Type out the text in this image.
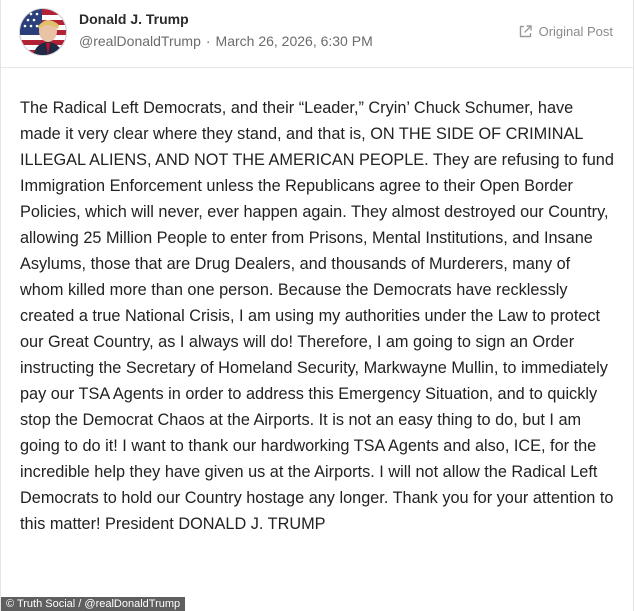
Donald J. Trump
@realDonaldTrump · March 26, 2026, 6:30 PM
Original Post
The Radical Left Democrats, and their “Leader,” Cryin’ Chuck Schumer, have made it very clear where they stand, and that is, ON THE SIDE OF CRIMINAL ILLEGAL ALIENS, AND NOT THE AMERICAN PEOPLE. They are refusing to fund Immigration Enforcement unless the Republicans agree to their Open Border Policies, which will never, ever happen again. They almost destroyed our Country, allowing 25 Million People to enter from Prisons, Mental Institutions, and Insane Asylums, those that are Drug Dealers, and thousands of Murderers, many of whom killed more than one person. Because the Democrats have recklessly created a true National Crisis, I am using my authorities under the Law to protect our Great Country, as I always will do! Therefore, I am going to sign an Order instructing the Secretary of Homeland Security, Markwayne Mullin, to immediately pay our TSA Agents in order to address this Emergency Situation, and to quickly stop the Democrat Chaos at the Airports. It is not an easy thing to do, but I am going to do it! I want to thank our hardworking TSA Agents and also, ICE, for the incredible help they have given us at the Airports. I will not allow the Radical Left Democrats to hold our Country hostage any longer. Thank you for your attention to this matter! President DONALD J. TRUMP
© Truth Social / @realDonaldTrump
